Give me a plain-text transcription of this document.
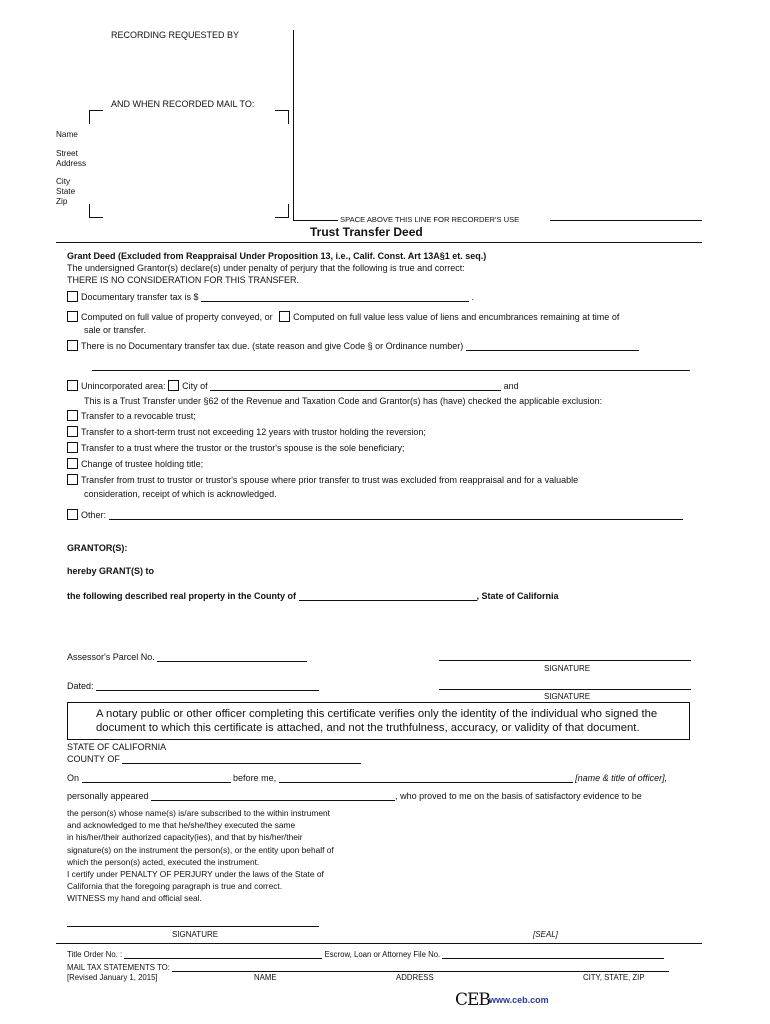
RECORDING REQUESTED BY
AND WHEN RECORDED MAIL TO:
Name
Street
Address
City
State
Zip
SPACE ABOVE THIS LINE FOR RECORDER'S USE
Trust Transfer Deed
Grant Deed (Excluded from Reappraisal Under Proposition 13, i.e., Calif. Const. Art 13A§1 et. seq.)
The undersigned Grantor(s) declare(s) under penalty of perjury that the following is true and correct:
THERE IS NO CONSIDERATION FOR THIS TRANSFER.
Documentary transfer tax is $	.
Computed on full value of property conveyed, or Computed on full value less value of liens and encumbrances remaining at time of
sale or transfer.
There is no Documentary transfer tax due. (state reason and give Code § or Ordinance number)
Unincorporated area: City of	and
This is a Trust Transfer under §62 of the Revenue and Taxation Code and Grantor(s) has (have) checked the applicable exclusion:
Transfer to a revocable trust;
Transfer to a short-term trust not exceeding 12 years with trustor holding the reversion;
Transfer to a trust where the trustor or the trustor's spouse is the sole beneficiary;
Change of trustee holding title;
Transfer from trust to trustor or trustor's spouse where prior transfer to trust was excluded from reappraisal and for a valuable
consideration, receipt of which is acknowledged.
Other:
GRANTOR(S):
hereby GRANT(S) to
the following described real property in the County of	, State of California
Assessor's Parcel No.
SIGNATURE
Dated:
SIGNATURE
A notary public or other officer completing this certificate verifies only the identity of the individual who signed the
document to which this certificate is attached, and not the truthfulness, accuracy, or validity of that document.
STATE OF CALIFORNIA
COUNTY OF
On	before me,	[name & title of officer],
personally appeared	, who proved to me on the basis of satisfactory evidence to be
the person(s) whose name(s) is/are subscribed to the within instrument
and acknowledged to me that he/she/they executed the same
in his/her/their authorized capacity(ies), and that by his/her/their
signature(s) on the instrument the person(s), or the entity upon behalf of
which the person(s) acted, executed the instrument.
I certify under PENALTY OF PERJURY under the laws of the State of
California that the foregoing paragraph is true and correct.
WITNESS my hand and official seal.
SIGNATURE	[SEAL]
Title Order No. :	Escrow, Loan or Attorney File No.
MAIL TAX STATEMENTS TO:
[Revised January 1, 2015]	NAME	ADDRESS	CITY, STATE, ZIP
CEB www.ceb.com
